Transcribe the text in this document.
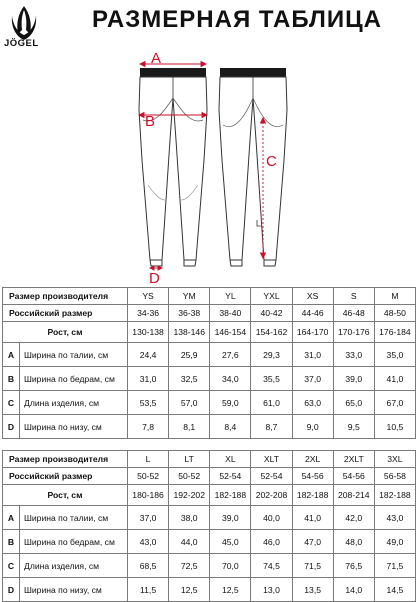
JÖGEL
РАЗМЕРНАЯ ТАБЛИЦА
A
B
C
D
Размер производителя		YS	YM	YL	YXL	XS	S	M
Российский размер		34-36	36-38	38-40	40-42	44-46	46-48	48-50
Рост, см		130-138	138-146	146-154	154-162	164-170	170-176	176-184
A	Ширина по талии, см	24,4	25,9	27,6	29,3	31,0	33,0	35,0
B	Ширина по бедрам, см	31,0	32,5	34,0	35,5	37,0	39,0	41,0
C	Длина изделия, см	53,5	57,0	59,0	61,0	63,0	65,0	67,0
D	Ширина по низу, см	7,8	8,1	8,4	8,7	9,0	9,5	10,5
Размер производителя		L	LT	XL	XLT	2XL	2XLT	3XL
Российский размер		50-52	50-52	52-54	52-54	54-56	54-56	56-58
Рост, см		180-186	192-202	182-188	202-208	182-188	208-214	182-188
A	Ширина по талии, см	37,0	38,0	39,0	40,0	41,0	42,0	43,0
B	Ширина по бедрам, см	43,0	44,0	45,0	46,0	47,0	48,0	49,0
C	Длина изделия, см	68,5	72,5	70,0	74,5	71,5	76,5	71,5
D	Ширина по низу, см	11,5	12,5	12,5	13,0	13,5	14,0	14,5
